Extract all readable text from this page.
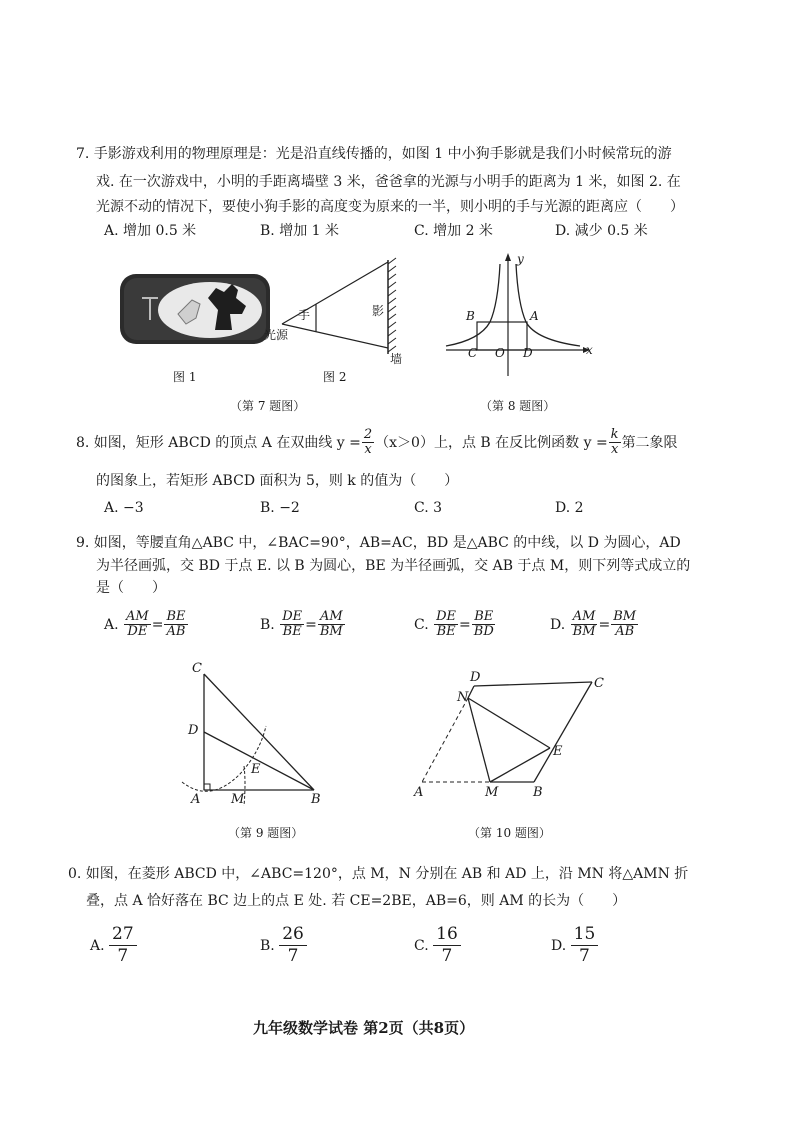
7. 手影游戏利用的物理原理是：光是沿直线传播的，如图 1 中小狗手影就是我们小时候常玩的游
戏. 在一次游戏中，小明的手距离墙壁 3 米，爸爸拿的光源与小明手的距离为 1 米，如图 2. 在
光源不动的情况下，要使小狗手影的高度变为原来的一半，则小明的手与光源的距离应（　　）
A. 增加 0.5 米	B. 增加 1 米	C. 增加 2 米	D. 减少 0.5 米
图 1
光源
手	影
墙
图 2
（第 7 题图）
y
x
B	A
C O D
（第 8 题图）
8. 如图，矩形 ABCD 的顶点 A 在双曲线 $y = \frac{2}{x} (x>0)$上，点 B 在反比例函数 $y = \frac{k}{x}$ 第二象限
的图象上，若矩形 ABCD 面积为 5，则 k 的值为（　　）
A. −3	B. −2	C. 3	D. 2
9. 如图，等腰直角△ABC 中，∠BAC=90°，AB=AC，BD 是△ABC 的中线，以 D 为圆心，AD
为半径画弧，交 BD 于点 E. 以 B 为圆心，BE 为半径画弧，交 AB 于点 M，则下列等式成立的
是（　　）
A.
$\frac{AM}{DE} = \frac{BE}{AB}$	B.
$\frac{DE}{BE} = \frac{AM}{BM}$	C.
$\frac{DE}{BE} = \frac{BE}{BD}$	D.
$\frac{AM}{BM} = \frac{BM}{AB}$
C
D
E
A M	B
（第 9 题图）
D	C
N
E
A	M	B
（第 10 题图）
0. 如图，在菱形 ABCD 中，∠ABC=120°，点 M，N 分别在 AB 和 AD 上，沿 MN 将△AMN 折
叠，点 A 恰好落在 BC 边上的点 E 处. 若 CE=2BE，AB=6，则 AM 的长为（　　）
A.
$\frac{27}{7}$	B.
$\frac{26}{7}$	C.
$\frac{16}{7}$	D.
$\frac{15}{7}$
九年级数学试卷 第2页（共8页）
